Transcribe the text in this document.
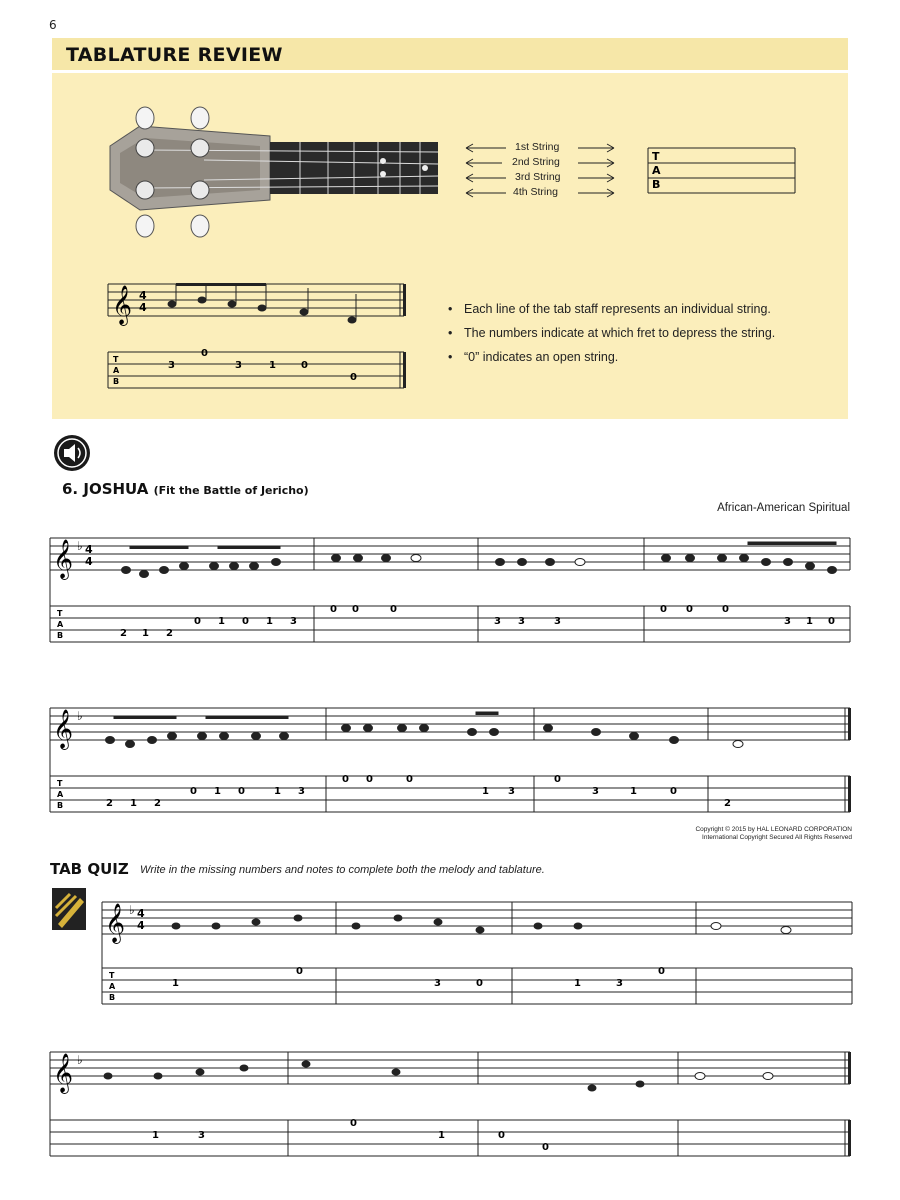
6
TABLATURE REVIEW
1st String
2nd String
3rd String
4th String
T
A
B
𝄞 4
4
T
A
B
3
0
3	1	0
0
• Each line of the tab staff represents an individual string.
• The numbers indicate at which fret to depress the string.
• “0” indicates an open string.
6. JOSHUA (Fit the Battle of Jericho)
African-American Spiritual
𝄞 ♭ 4
4
T
A
B	2 1 2
0 1 0 1 3
0 0	0
3 3	3
0 0	0
3 1 0
𝄞 ♭
T
A
B	2 1 2
0 1 0	1 3
0 0	0
1 3
0
3	1	0
2
Copyright © 2015 by HAL LEONARD CORPORATION
International Copyright Secured All Rights Reserved
TAB QUIZ Write in the missing numbers and notes to complete both the melody and tablature.
𝄞 ♭ 4
4
T
A
B
1
0
3	0	1	3
0
𝄞 ♭
1	3
0
1	0
0
